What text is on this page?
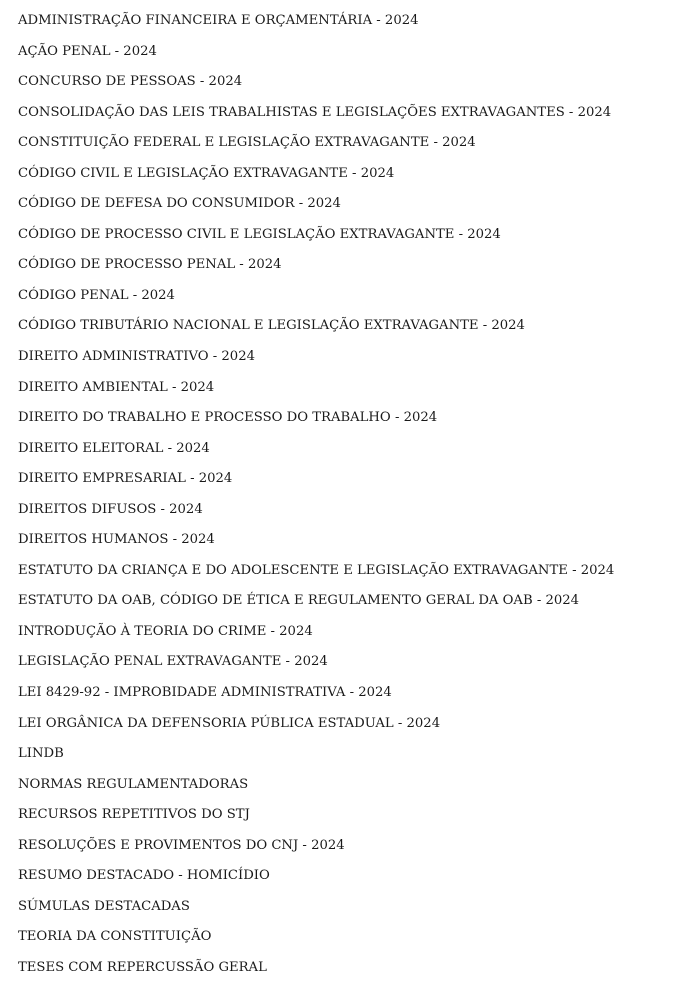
ADMINISTRAÇÃO FINANCEIRA E ORÇAMENTÁRIA - 2024
AÇÃO PENAL - 2024
CONCURSO DE PESSOAS - 2024
CONSOLIDAÇÃO DAS LEIS TRABALHISTAS E LEGISLAÇÕES EXTRAVAGANTES - 2024
CONSTITUIÇÃO FEDERAL E LEGISLAÇÃO EXTRAVAGANTE - 2024
CÓDIGO CIVIL E LEGISLAÇÃO EXTRAVAGANTE - 2024
CÓDIGO DE DEFESA DO CONSUMIDOR - 2024
CÓDIGO DE PROCESSO CIVIL E LEGISLAÇÃO EXTRAVAGANTE - 2024
CÓDIGO DE PROCESSO PENAL - 2024
CÓDIGO PENAL - 2024
CÓDIGO TRIBUTÁRIO NACIONAL E LEGISLAÇÃO EXTRAVAGANTE - 2024
DIREITO ADMINISTRATIVO - 2024
DIREITO AMBIENTAL - 2024
DIREITO DO TRABALHO E PROCESSO DO TRABALHO - 2024
DIREITO ELEITORAL - 2024
DIREITO EMPRESARIAL - 2024
DIREITOS DIFUSOS - 2024
DIREITOS HUMANOS - 2024
ESTATUTO DA CRIANÇA E DO ADOLESCENTE E LEGISLAÇÃO EXTRAVAGANTE - 2024
ESTATUTO DA OAB, CÓDIGO DE ÉTICA E REGULAMENTO GERAL DA OAB - 2024
INTRODUÇÃO À TEORIA DO CRIME - 2024
LEGISLAÇÃO PENAL EXTRAVAGANTE - 2024
LEI 8429-92 - IMPROBIDADE ADMINISTRATIVA - 2024
LEI ORGÂNICA DA DEFENSORIA PÚBLICA ESTADUAL - 2024
LINDB
NORMAS REGULAMENTADORAS
RECURSOS REPETITIVOS DO STJ
RESOLUÇÕES E PROVIMENTOS DO CNJ - 2024
RESUMO DESTACADO - HOMICÍDIO
SÚMULAS DESTACADAS
TEORIA DA CONSTITUIÇÃO
TESES COM REPERCUSSÃO GERAL
